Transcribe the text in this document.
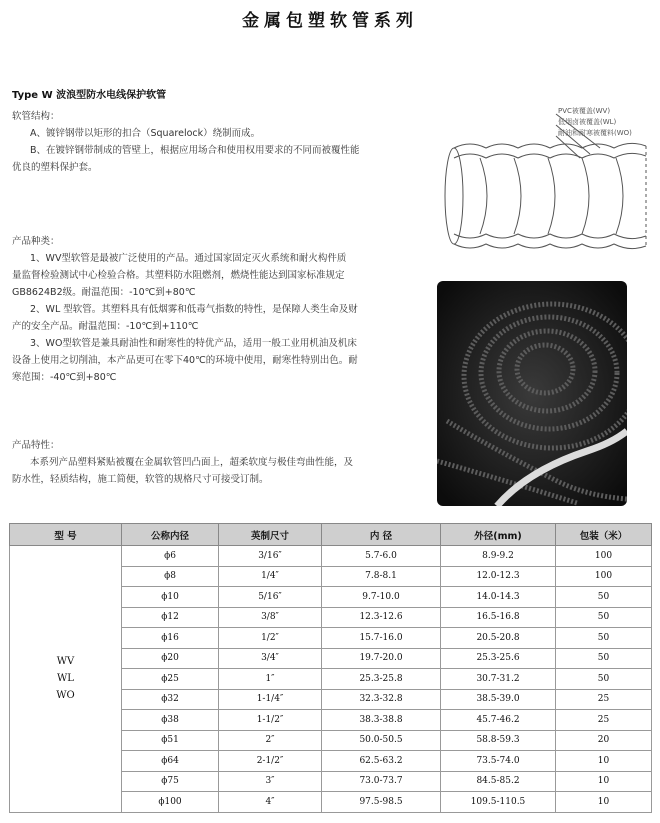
金属包塑软管系列
Type W 波浪型防水电线保护软管

软管结构：

A、镀锌钢带以矩形的扣合（Squarelock）绕制而成。

B、在镀锌钢带制成的管壁上，根据应用场合和使用权用要求的不同而被覆性能

优良的塑料保护套。

产品种类：

1、WV型软管是最被广泛使用的产品。通过国家固定灭火系统和耐火构件质

量监督检验测试中心检验合格。其塑料防水阻燃剂，燃烧性能达到国家标准规定

GB8624B2级。耐温范围：-10℃到+80℃

2、WL 型软管。其塑料具有低烟雾和低毒气指数的特性，是保障人类生命及财

产的安全产品。耐温范围：-10℃到+110℃

3、WO型软管是兼具耐油性和耐寒性的特优产品，适用一般工业用机油及机床

设备上使用之切削油，本产品更可在零下40℃的环境中使用，耐寒性特别出色。耐

寒范围：-40℃到+80℃

产品特性：

本系列产品塑料紧贴被覆在金属软管凹凸面上，超柔软度与极佳弯曲性能，及

防水性，轻质结构，施工简便，软管的规格尺寸可接受订制。

PVC被覆盖(WV)
低烟卤被覆盖(WL)
耐油和耐寒被覆料(WO)
型 号	公称内径	英制尺寸	内 径	外径(mm)	包装（米）

WV
WL
WO	ϕ6	3/16″	5.7-6.0	8.9-9.2	100
	ϕ8	1/4″	7.8-8.1	12.0-12.3	100
	ϕ10	5/16″	9.7-10.0	14.0-14.3	50
	ϕ12	3/8″	12.3-12.6	16.5-16.8	50
	ϕ16	1/2″	15.7-16.0	20.5-20.8	50
	ϕ20	3/4″	19.7-20.0	25.3-25.6	50
	ϕ25	1″	25.3-25.8	30.7-31.2	50
	ϕ32	1-1/4″	32.3-32.8	38.5-39.0	25
	ϕ38	1-1/2″	38.3-38.8	45.7-46.2	25
	ϕ51	2″	50.0-50.5	58.8-59.3	20
	ϕ64	2-1/2″	62.5-63.2	73.5-74.0	10
	ϕ75	3″	73.0-73.7	84.5-85.2	10
	ϕ100	4″	97.5-98.5	109.5-110.5	10
